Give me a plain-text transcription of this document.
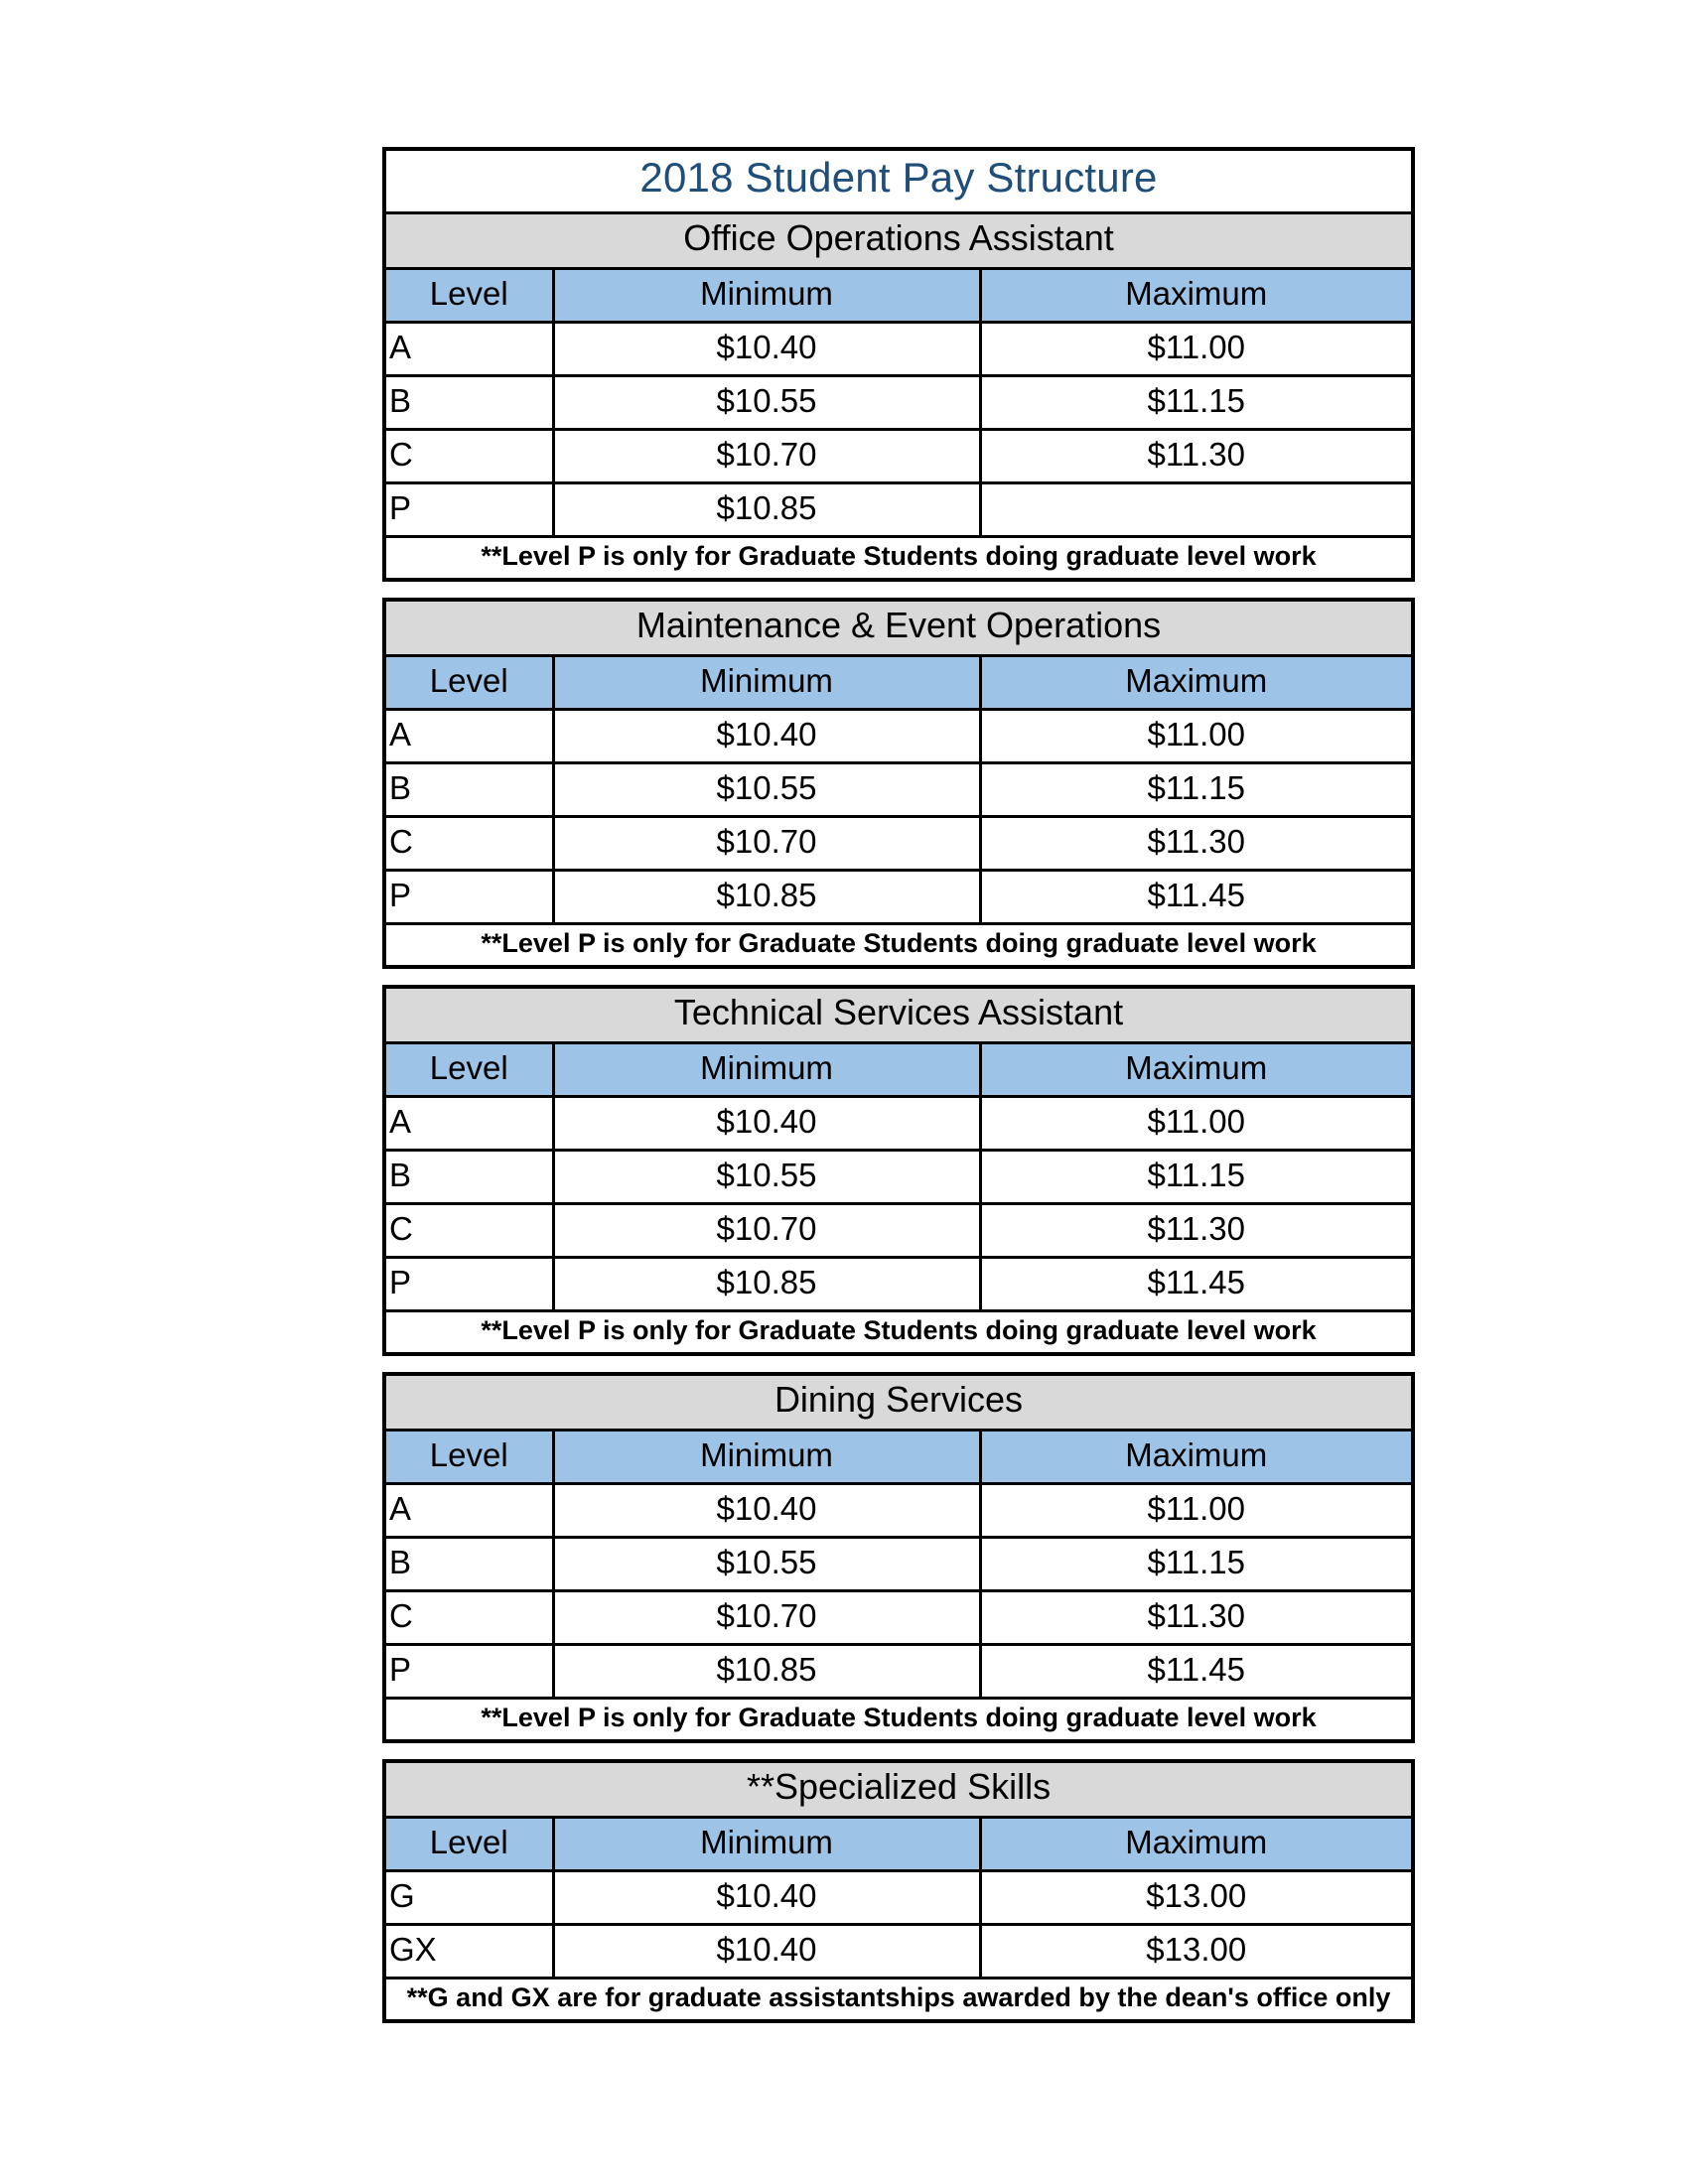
2018 Student Pay Structure		
Office Operations Assistant		
Level	Minimum	Maximum
A	$10.40	$11.00
B	$10.55	$11.15
C	$10.70	$11.30
P	$10.85	
**Level P is only for Graduate Students doing graduate level work		
Maintenance & Event Operations		
Level	Minimum	Maximum
A	$10.40	$11.00
B	$10.55	$11.15
C	$10.70	$11.30
P	$10.85	$11.45
**Level P is only for Graduate Students doing graduate level work		
Technical Services Assistant		
Level	Minimum	Maximum
A	$10.40	$11.00
B	$10.55	$11.15
C	$10.70	$11.30
P	$10.85	$11.45
**Level P is only for Graduate Students doing graduate level work		
Dining Services		
Level	Minimum	Maximum
A	$10.40	$11.00
B	$10.55	$11.15
C	$10.70	$11.30
P	$10.85	$11.45
**Level P is only for Graduate Students doing graduate level work		
**Specialized Skills		
Level	Minimum	Maximum
G	$10.40	$13.00
GX	$10.40	$13.00
**G and GX are for graduate assistantships awarded by the dean's office only		
